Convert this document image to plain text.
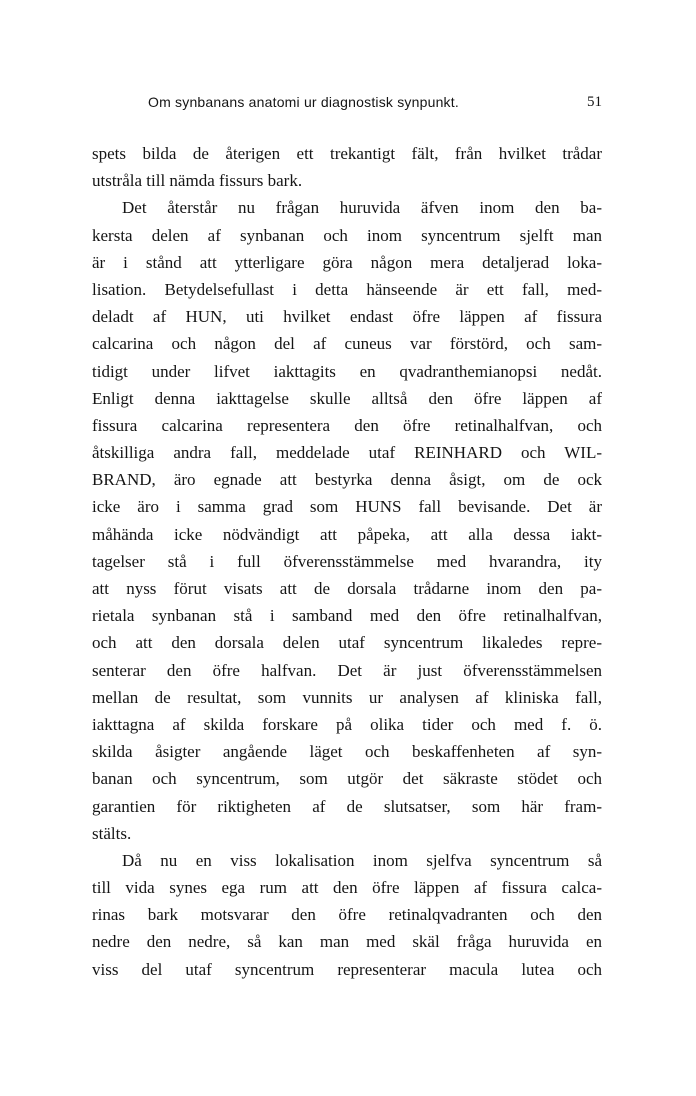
Om synbanans anatomi ur diagnostisk synpunkt.	51
spets bilda de återigen ett trekantigt fält, från hvilket trådar
utstråla till nämda fissurs bark.
Det återstår nu frågan huruvida äfven inom den ba-
kersta delen af synbanan och inom syncentrum sjelft man
är i stånd att ytterligare göra någon mera detaljerad loka-
lisation. Betydelsefullast i detta hänseende är ett fall, med-
deladt af HUN, uti hvilket endast öfre läppen af fissura
calcarina och någon del af cuneus var förstörd, och sam-
tidigt under lifvet iakttagits en qvadranthemianopsi nedåt.
Enligt denna iakttagelse skulle alltså den öfre läppen af
fissura calcarina representera den öfre retinalhalfvan, och
åtskilliga andra fall, meddelade utaf REINHARD och WIL-
BRAND, äro egnade att bestyrka denna åsigt, om de ock
icke äro i samma grad som HUNS fall bevisande. Det är
måhända icke nödvändigt att påpeka, att alla dessa iakt-
tagelser stå i full öfverensstämmelse med hvarandra, ity
att nyss förut visats att de dorsala trådarne inom den pa-
rietala synbanan stå i samband med den öfre retinalhalfvan,
och att den dorsala delen utaf syncentrum likaledes repre-
senterar den öfre halfvan. Det är just öfverensstämmelsen
mellan de resultat, som vunnits ur analysen af kliniska fall,
iakttagna af skilda forskare på olika tider och med f. ö.
skilda åsigter angående läget och beskaffenheten af syn-
banan och syncentrum, som utgör det säkraste stödet och
garantien för riktigheten af de slutsatser, som här fram-
stälts.
Då nu en viss lokalisation inom sjelfva syncentrum så
till vida synes ega rum att den öfre läppen af fissura calca-
rinas bark motsvarar den öfre retinalqvadranten och den
nedre den nedre, så kan man med skäl fråga huruvida en
viss del utaf syncentrum representerar macula lutea och
